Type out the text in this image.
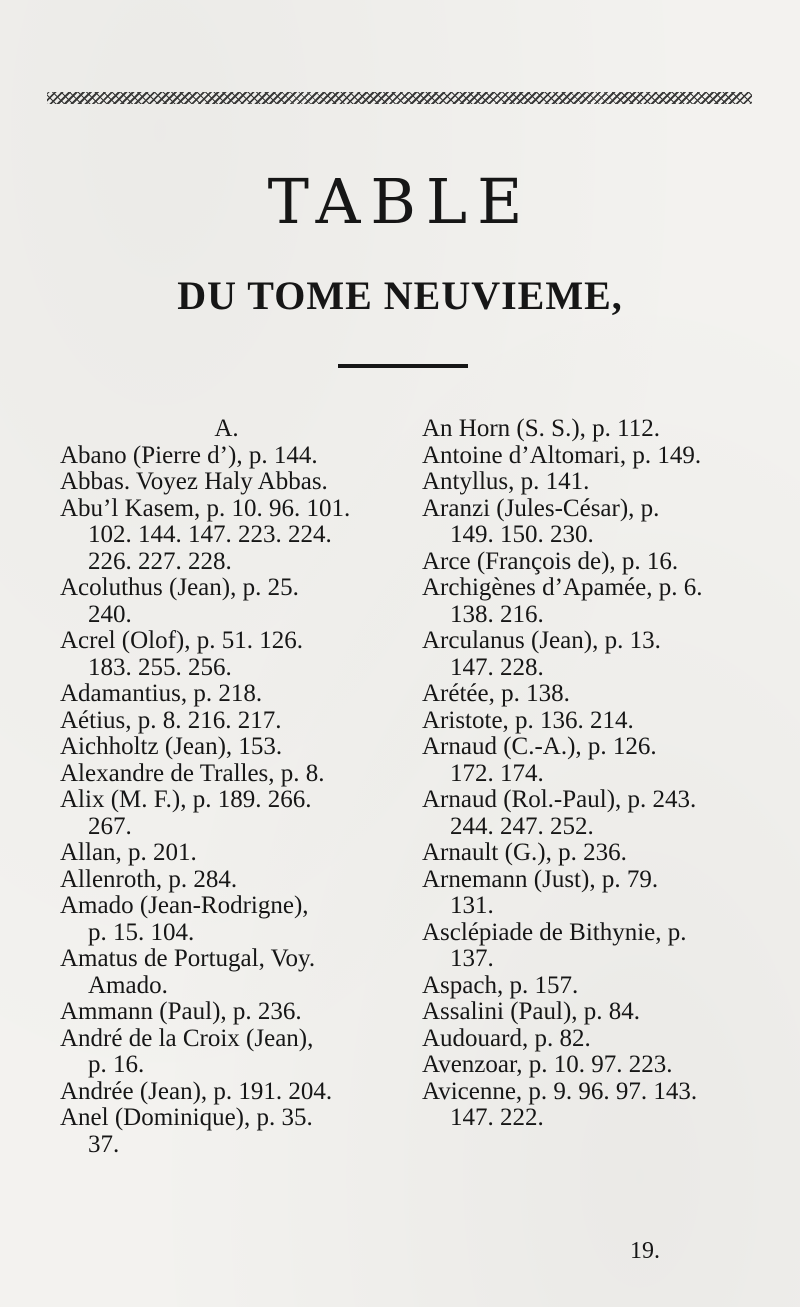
TABLE
DU TOME NEUVIEME,
A.
Abano (Pierre d’), p. 144.
Abbas. Voyez Haly Abbas.
Abu’l Kasem, p. 10. 96. 101.
102. 144. 147. 223. 224.
226. 227. 228.
Acoluthus (Jean), p. 25.
240.
Acrel (Olof), p. 51. 126.
183. 255. 256.
Adamantius, p. 218.
Aétius, p. 8. 216. 217.
Aichholtz (Jean), 153.
Alexandre de Tralles, p. 8.
Alix (M. F.), p. 189. 266.
267.
Allan, p. 201.
Allenroth, p. 284.
Amado (Jean-Rodrigne),
p. 15. 104.
Amatus de Portugal, Voy.
Amado.
Ammann (Paul), p. 236.
André de la Croix (Jean),
p. 16.
Andrée (Jean), p. 191. 204.
Anel (Dominique), p. 35.
37.
An Horn (S. S.), p. 112.
Antoine d’Altomari, p. 149.
Antyllus, p. 141.
Aranzi (Jules-César), p.
149. 150. 230.
Arce (François de), p. 16.
Archigènes d’Apamée, p. 6.
138. 216.
Arculanus (Jean), p. 13.
147. 228.
Arétée, p. 138.
Aristote, p. 136. 214.
Arnaud (C.-A.), p. 126.
172. 174.
Arnaud (Rol.-Paul), p. 243.
244. 247. 252.
Arnault (G.), p. 236.
Arnemann (Just), p. 79.
131.
Asclépiade de Bithynie, p.
137.
Aspach, p. 157.
Assalini (Paul), p. 84.
Audouard, p. 82.
Avenzoar, p. 10. 97. 223.
Avicenne, p. 9. 96. 97. 143.
147. 222.
19.
